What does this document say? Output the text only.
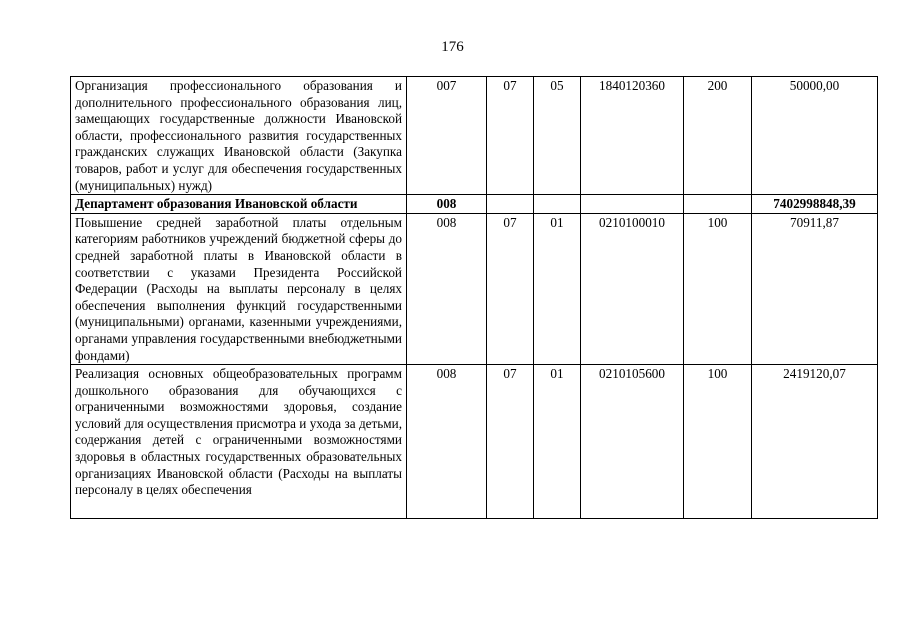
176
Организация профессионального образования и дополнительного профессионального образования лиц, замещающих государственные должности Ивановской области, профессионального развития государственных гражданских служащих Ивановской области (Закупка товаров, работ и услуг для обеспечения государственных (муниципальных) нужд)	007	07	05	1840120360	200	50000,00
Департамент образования Ивановской области	008					7402998848,39
Повышение средней заработной платы отдельным категориям работников учреждений бюджетной сферы до средней заработной платы в Ивановской области в соответствии с указами Президента Российской Федерации (Расходы на выплаты персоналу в целях обеспечения выполнения функций государственными (муниципальными) органами, казенными учреждениями, органами управления государственными внебюджетными фондами)	008	07	01	0210100010	100	70911,87
Реализация основных общеобразовательных программ дошкольного образования для обучающихся с ограниченными возможностями здоровья, создание условий для осуществления присмотра и ухода за детьми, содержания детей с ограниченными возможностями здоровья в областных государственных образовательных организациях Ивановской области (Расходы на выплаты персоналу в целях обеспечения	008	07	01	0210105600	100	2419120,07
